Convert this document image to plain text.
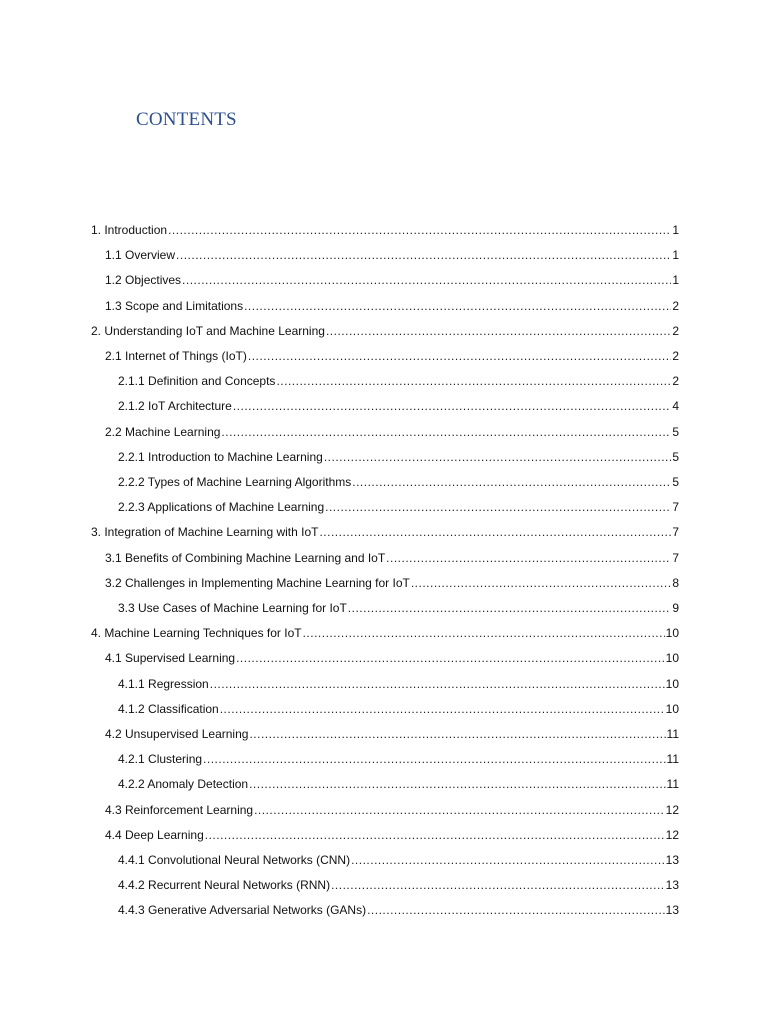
CONTENTS
1. Introduction .....	1
1.1 Overview .....	1
1.2 Objectives .....	1
1.3 Scope and Limitations .....	2
2. Understanding IoT and Machine Learning .....	2
2.1 Internet of Things (IoT) .....	2
2.1.1 Definition and Concepts .....	2
2.1.2 IoT Architecture .....	4
2.2 Machine Learning .....	5
2.2.1 Introduction to Machine Learning .....	5
2.2.2 Types of Machine Learning Algorithms .....	5
2.2.3 Applications of Machine Learning .....	7
3. Integration of Machine Learning with IoT .....	7
3.1 Benefits of Combining Machine Learning and IoT .....	7
3.2 Challenges in Implementing Machine Learning for IoT .....	8
3.3 Use Cases of Machine Learning for IoT .....	9
4. Machine Learning Techniques for IoT .....	10
4.1 Supervised Learning .....	10
4.1.1 Regression .....	10
4.1.2 Classification .....	10
4.2 Unsupervised Learning .....	11
4.2.1 Clustering .....	11
4.2.2 Anomaly Detection .....	11
4.3 Reinforcement Learning .....	12
4.4 Deep Learning .....	12
4.4.1 Convolutional Neural Networks (CNN) .....	13
4.4.2 Recurrent Neural Networks (RNN) .....	13
4.4.3 Generative Adversarial Networks (GANs) .....	13
